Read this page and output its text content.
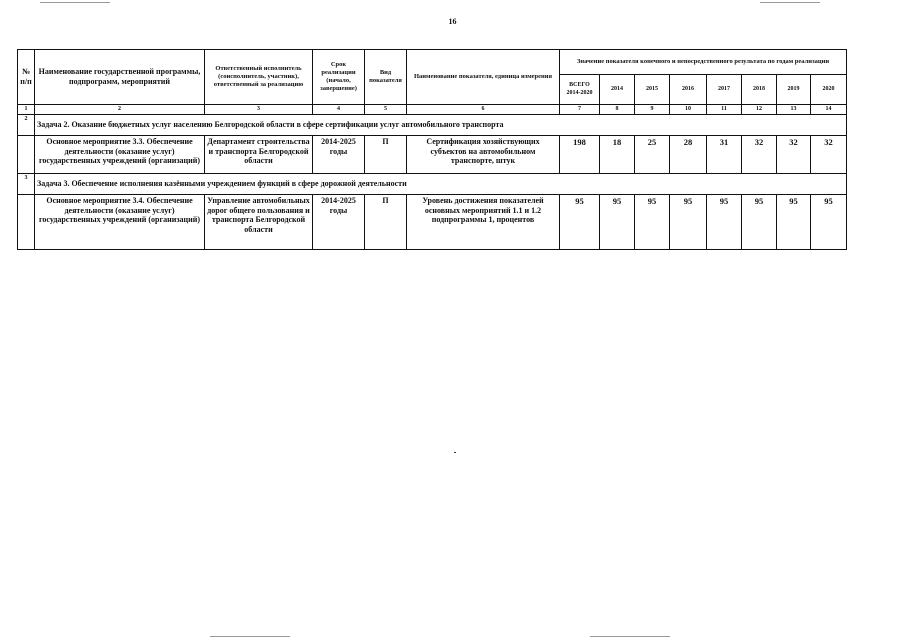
16
№ п/п	Наименование государственной программы, подпрограмм, мероприятий	Ответственный исполнитель (соисполнитель, участник), ответственный за реализацию	Срок реализации (начало, завершение)	Вид показателя	Наименование показателя, единица измерения	Значение показателя конечного и непосредственного результата по годам реализации							
						ВСЕГО 2014-2020	2014	2015	2016	2017	2018	2019	2020
1	2	3	4	5	6	7	8	9	10	11	12	13	14
2	Задача 2. Оказание бюджетных услуг населению Белгородской области в сфере сертификации услуг автомобильного транспорта												
	Основное мероприятие 3.3. Обеспечение деятельности (оказание услуг) государственных учреждений (организаций)	Департамент строительства и транспорта Белгородской области	2014-2025 годы	П	Сертификация хозяйствующих субъектов на автомобильном транспорте, штук	198	18	25	28	31	32	32	32
3	Задача 3. Обеспечение исполнения казёнными учреждением функций в сфере дорожной деятельности												
	Основное мероприятие 3.4. Обеспечение деятельности (оказание услуг) государственных учреждений (организаций)	Управление автомобильных дорог общего пользования и транспорта Белгородской области	2014-2025 годы	П	Уровень достижения показателей основных мероприятий 1.1 и 1.2 подпрограммы 1, процентов	95	95	95	95	95	95	95	95
